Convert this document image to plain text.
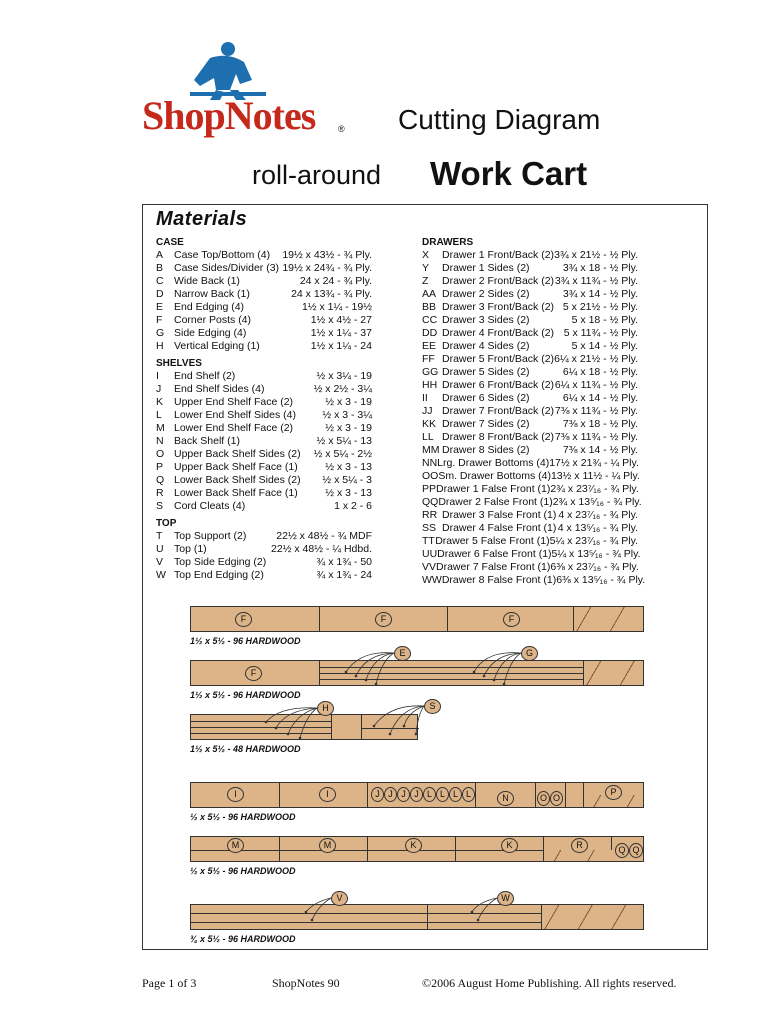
ShopNotes	® Cutting Diagram
roll-around Work Cart
Materials
CASE
A	Case Top/Bottom (4)	19½ x 43½ - ¾ Ply.
B	Case Sides/Divider (3) 19½ x 24¾ - ¾ Ply.
C Wide Back (1)	24 x 24 - ¾ Ply.
D Narrow Back (1)	24 x 13¾ - ¾ Ply.
E	End Edging (4)	1½ x 1¼ - 19½
F	Corner Posts (4)	1½ x 4½ - 27
G Side Edging (4)	1½ x 1¼ - 37
H Vertical Edging (1)	1½ x 1¼ - 24
SHELVES
I	End Shelf (2)	½ x 3¼ - 19
J	End Shelf Sides (4)	½ x 2½ - 3¼
K	Upper End Shelf Face (2)	½ x 3 - 19
L	Lower End Shelf Sides (4)	½ x 3 - 3¼
M Lower End Shelf Face (2)	½ x 3 - 19
N Back Shelf (1)	½ x 5¼ - 13
O Upper Back Shelf Sides (2)	½ x 5¼ - 2½
P	Upper Back Shelf Face (1)	½ x 3 - 13
Q Lower Back Shelf Sides (2)	½ x 5¼ - 3
R Lower Back Shelf Face (1)	½ x 3 - 13
S	Cord Cleats (4)	1 x 2 - 6
TOP
T	Top Support (2)	22½ x 48½ - ¾ MDF
U Top (1)	22½ x 48½ - ¼ Hdbd.
V	Top Side Edging (2)	¾ x 1¾ - 50
W Top End Edging (2)	¾ x 1¾ - 24
DRAWERS
X	Drawer 1 Front/Back (2) 3¾ x 21½ - ½ Ply.
Y	Drawer 1 Sides (2)	3¾ x 18 - ½ Ply.
Z	Drawer 2 Front/Back (2) 3¾ x 11¾ - ½ Ply.
AA Drawer 2 Sides (2)	3¾ x 14 - ½ Ply.
BB Drawer 3 Front/Back (2) 5 x 21½ - ½ Ply.
CC Drawer 3 Sides (2)	5 x 18 - ½ Ply.
DD Drawer 4 Front/Back (2) 5 x 11¾ - ½ Ply.
EE Drawer 4 Sides (2)	5 x 14 - ½ Ply.
FF Drawer 5 Front/Back (2) 6¼ x 21½ - ½ Ply.
GG Drawer 5 Sides (2)	6¼ x 18 - ½ Ply.
HH Drawer 6 Front/Back (2) 6¼ x 11¾ - ½ Ply.
II	Drawer 6 Sides (2)	6¼ x 14 - ½ Ply.
JJ Drawer 7 Front/Back (2) 7⅜ x 11¾ - ½ Ply.
KK Drawer 7 Sides (2)	7⅜ x 18 - ½ Ply.
LL Drawer 8 Front/Back (2) 7⅜ x 11¾ - ½ Ply.
MM Drawer 8 Sides (2)	7⅜ x 14 - ½ Ply.
NN Lrg. Drawer Bottoms (4) 17½ x 21¾ - ¼ Ply.
OO Sm. Drawer Bottoms (4) 13½ x 11½ - ¼ Ply.
PP Drawer 1 False Front (1) 2¾ x 23⁷⁄₁₆ - ¾ Ply.
QQ Drawer 2 False Front (1) 2¾ x 13⁵⁄₁₆ - ¾ Ply.
RR Drawer 3 False Front (1) 4 x 23⁷⁄₁₆ - ¾ Ply.
SS Drawer 4 False Front (1) 4 x 13⁵⁄₁₆ - ¾ Ply.
TT Drawer 5 False Front (1) 5¼ x 23⁷⁄₁₆ - ¾ Ply.
UU Drawer 6 False Front (1) 5¼ x 13⁵⁄₁₆ - ¾ Ply.
VV Drawer 7 False Front (1) 6⅜ x 23⁷⁄₁₆ - ¾ Ply.
WW Drawer 8 False Front (1) 6⅜ x 13⁵⁄₁₆ - ¾ Ply.
F	F	F
1½ x 5½ - 96 HARDWOOD
F
E	G
1½ x 5½ - 96 HARDWOOD
H	S
1½ x 5½ - 48 HARDWOOD
I	I	J J J J L L L L	N	O O
P
½ x 5½ - 96 HARDWOOD
M	M	K	K	R	Q Q
½ x 5½ - 96 HARDWOOD
V	W
¾ x 5½ - 96 HARDWOOD
Page 1 of 3	ShopNotes 90	©2006 August Home Publishing. All rights reserved.
